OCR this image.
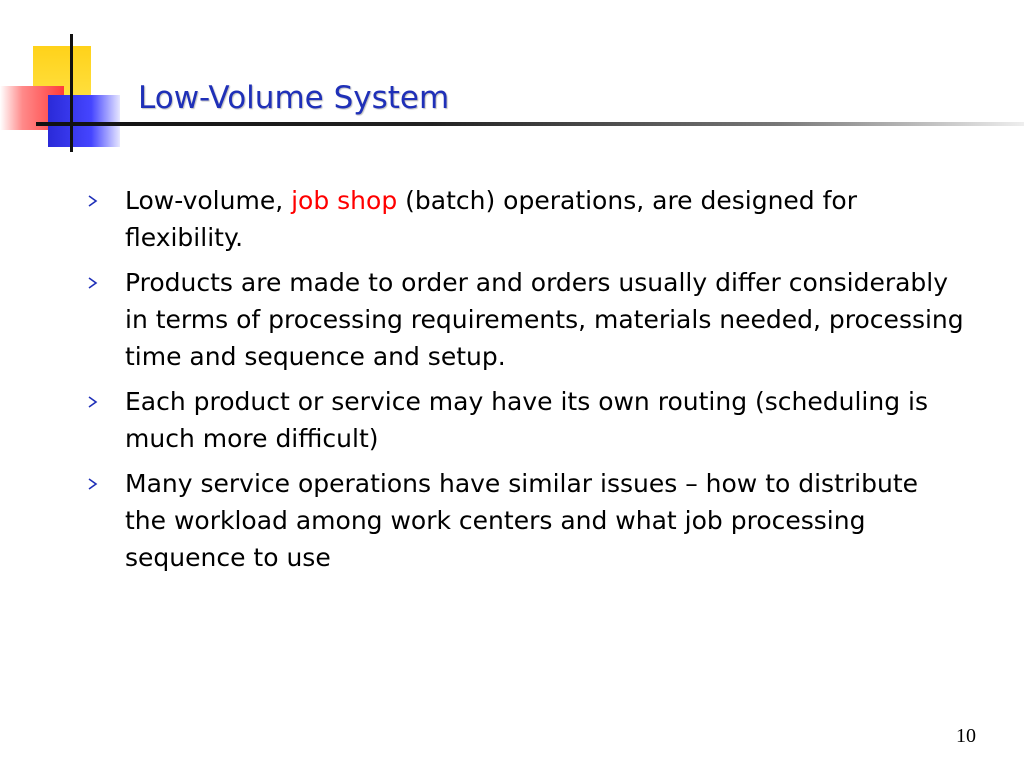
Low-Volume System
Low-volume, job shop (batch) operations, are designed for flexibility.
Products are made to order and orders usually differ considerably in terms of processing requirements, materials needed, processing time and sequence and setup.
Each product or service may have its own routing (scheduling is much more difficult)
Many service operations have similar issues – how to distribute the workload among work centers and what job processing sequence to use
10
